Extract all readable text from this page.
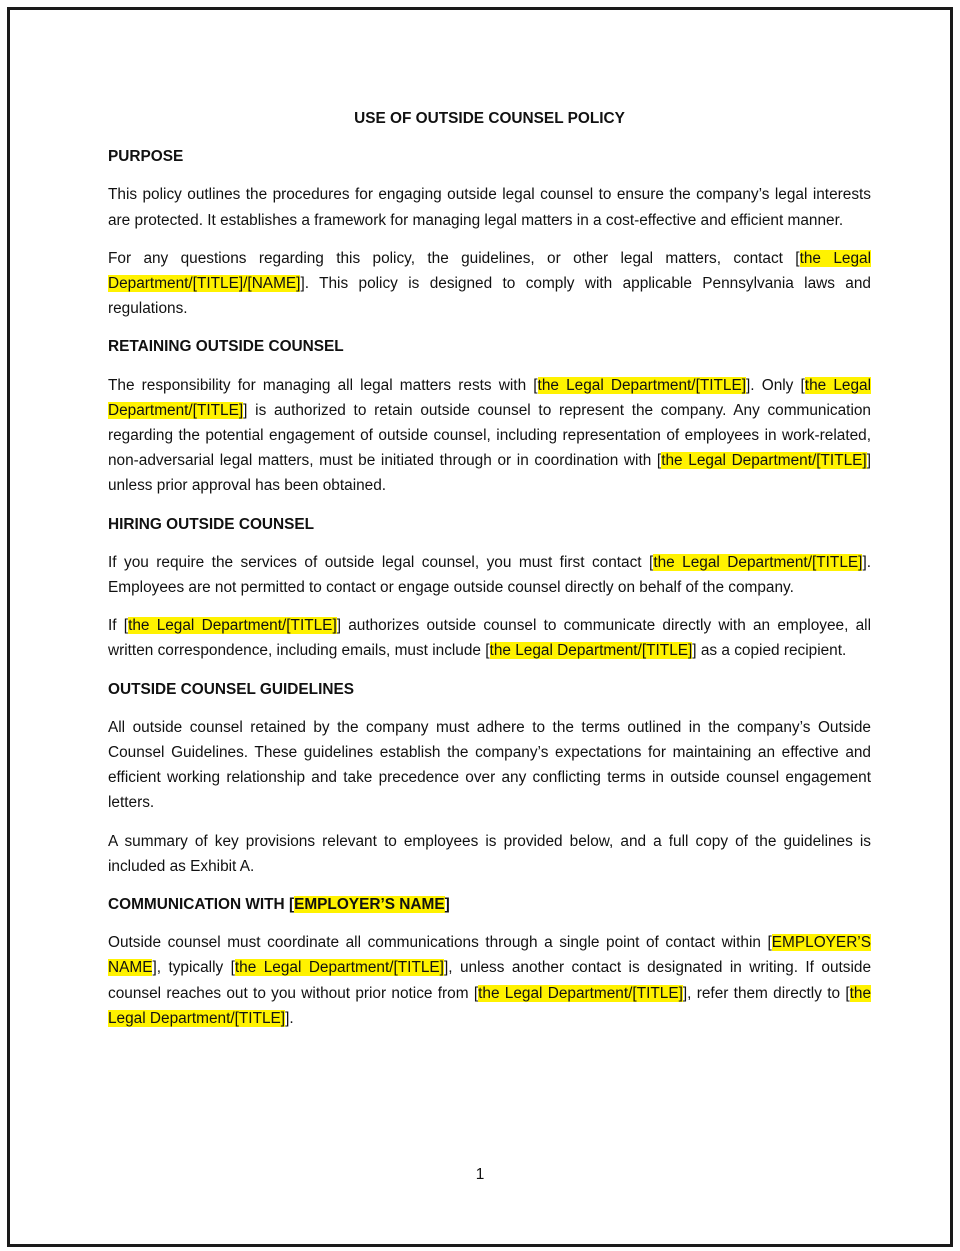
USE OF OUTSIDE COUNSEL POLICY
PURPOSE
This policy outlines the procedures for engaging outside legal counsel to ensure the company’s legal interests are protected. It establishes a framework for managing legal matters in a cost-effective and efficient manner.
For any questions regarding this policy, the guidelines, or other legal matters, contact [the Legal Department/[TITLE]/[NAME]]. This policy is designed to comply with applicable Pennsylvania laws and regulations.
RETAINING OUTSIDE COUNSEL
The responsibility for managing all legal matters rests with [the Legal Department/[TITLE]]. Only [the Legal Department/[TITLE]] is authorized to retain outside counsel to represent the company. Any communication regarding the potential engagement of outside counsel, including representation of employees in work-related, non-adversarial legal matters, must be initiated through or in coordination with [the Legal Department/[TITLE]] unless prior approval has been obtained.
HIRING OUTSIDE COUNSEL
If you require the services of outside legal counsel, you must first contact [the Legal Department/[TITLE]]. Employees are not permitted to contact or engage outside counsel directly on behalf of the company.
If [the Legal Department/[TITLE]] authorizes outside counsel to communicate directly with an employee, all written correspondence, including emails, must include [the Legal Department/[TITLE]] as a copied recipient.
OUTSIDE COUNSEL GUIDELINES
All outside counsel retained by the company must adhere to the terms outlined in the company’s Outside Counsel Guidelines. These guidelines establish the company’s expectations for maintaining an effective and efficient working relationship and take precedence over any conflicting terms in outside counsel engagement letters.
A summary of key provisions relevant to employees is provided below, and a full copy of the guidelines is included as Exhibit A.
COMMUNICATION WITH [EMPLOYER’S NAME]
Outside counsel must coordinate all communications through a single point of contact within [EMPLOYER’S NAME], typically [the Legal Department/[TITLE]], unless another contact is designated in writing. If outside counsel reaches out to you without prior notice from [the Legal Department/[TITLE]], refer them directly to [the Legal Department/[TITLE]].
1
